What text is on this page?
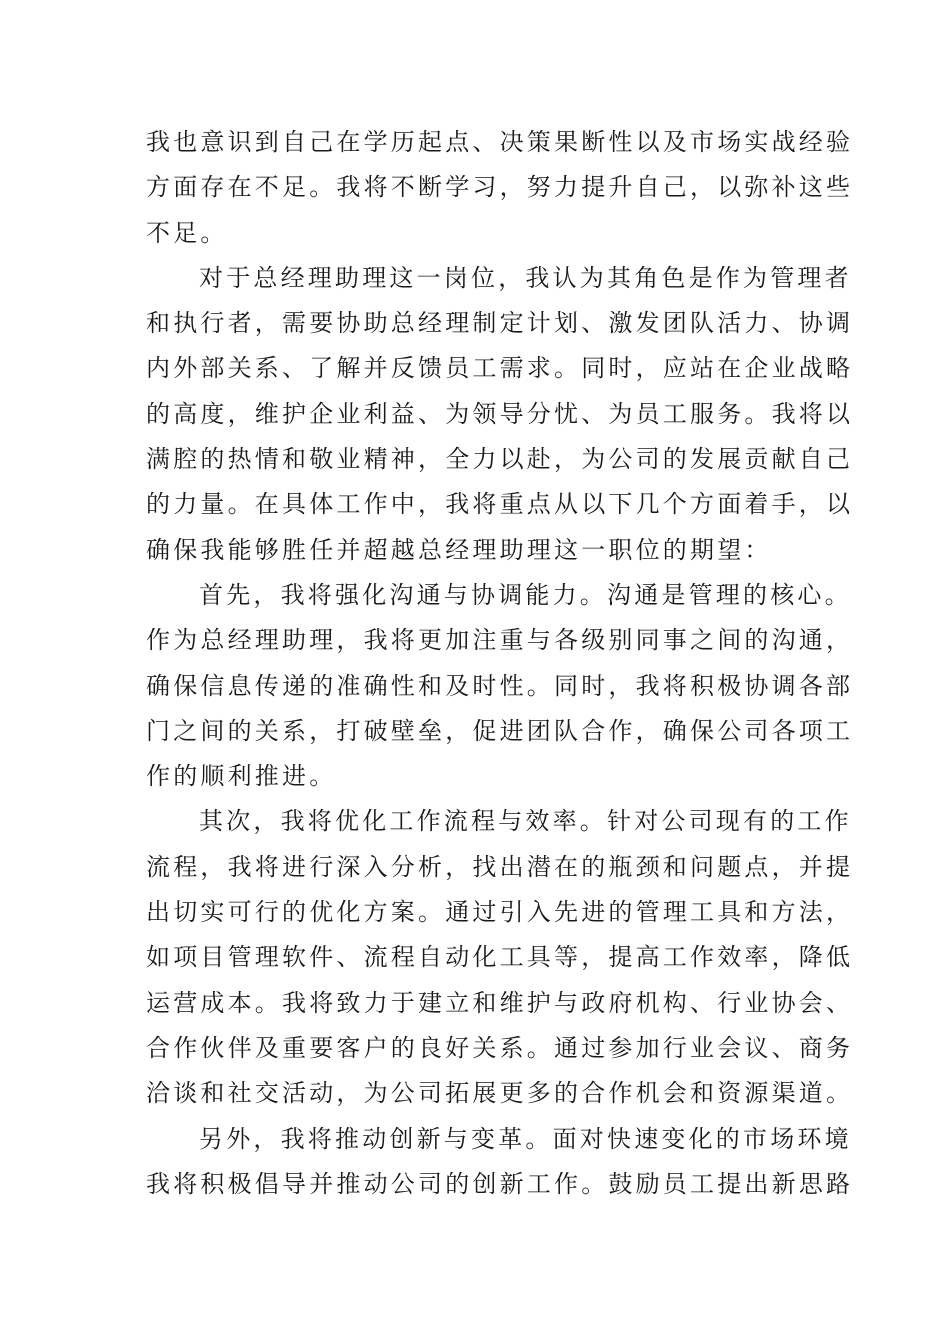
我也意识到自己在学历起点、决策果断性以及市场实战经验
方面存在不足。我将不断学习，努力提升自己，以弥补这些
不足。
对于总经理助理这一岗位，我认为其角色是作为管理者
和执行者，需要协助总经理制定计划、激发团队活力、协调
内外部关系、了解并反馈员工需求。同时，应站在企业战略
的高度，维护企业利益、为领导分忧、为员工服务。我将以
满腔的热情和敬业精神，全力以赴，为公司的发展贡献自己
的力量。在具体工作中，我将重点从以下几个方面着手，以
确保我能够胜任并超越总经理助理这一职位的期望：
首先，我将强化沟通与协调能力。沟通是管理的核心。
作为总经理助理，我将更加注重与各级别同事之间的沟通，
确保信息传递的准确性和及时性。同时，我将积极协调各部
门之间的关系，打破壁垒，促进团队合作，确保公司各项工
作的顺利推进。
其次，我将优化工作流程与效率。针对公司现有的工作
流程，我将进行深入分析，找出潜在的瓶颈和问题点，并提
出切实可行的优化方案。通过引入先进的管理工具和方法，
如项目管理软件、流程自动化工具等，提高工作效率，降低
运营成本。我将致力于建立和维护与政府机构、行业协会、
合作伙伴及重要客户的良好关系。通过参加行业会议、商务
洽谈和社交活动，为公司拓展更多的合作机会和资源渠道。
另外，我将推动创新与变革。面对快速变化的市场环境
我将积极倡导并推动公司的创新工作。鼓励员工提出新思路
